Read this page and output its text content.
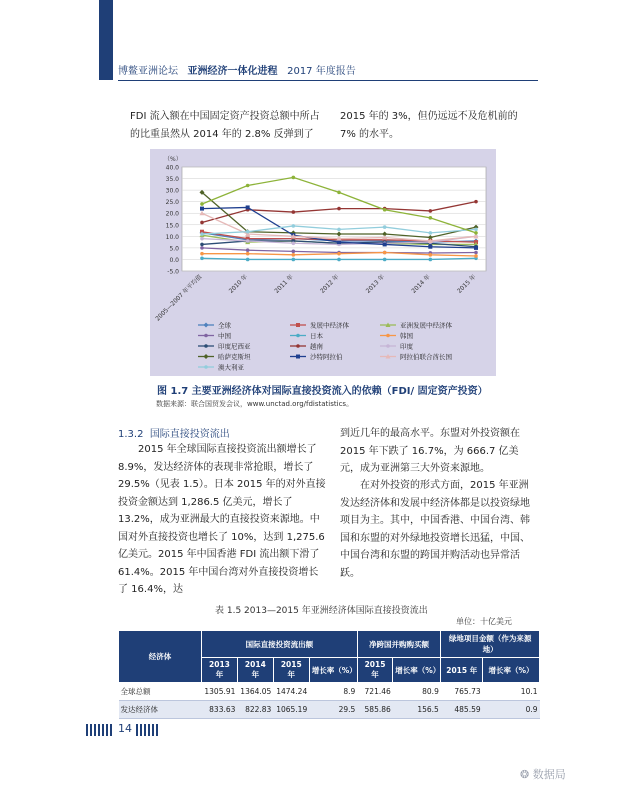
博鳌亚洲论坛 亚洲经济一体化进程 2017 年度报告
FDI 流入额在中国固定资产投资总额中所占的比重虽然从 2014 年的 2.8% 反弹到了
2015 年的 3%，但仍远远不及危机前的 7% 的水平。
40.0
35.0
30.0
25.0
20.0
15.0
10.0
5.0
0.0
-5.0
（%）
2005—2007 年平均值	2010 年	2011 年	2012 年	2013 年	2014 年	2015 年
全球	发展中经济体	亚洲发展中经济体
中国	日本	韩国
印度尼西亚	越南	印度
哈萨克斯坦	沙特阿拉伯	阿拉伯联合酋长国
澳大利亚
图 1.7 主要亚洲经济体对国际直接投资流入的依赖（FDI/ 固定资产投资）
数据来源：联合国贸发会议，www.unctad.org/fdistatistics。
1.3.2 国际直接投资流出
2015 年全球国际直接投资流出额增长了 8.9%，发达经济体的表现非常抢眼，增长了 29.5%（见表 1.5）。日本 2015 年的对外直接投资金额达到 1,286.5 亿美元，增长了 13.2%，成为亚洲最大的直接投资来源地。中国对外直接投资也增长了 10%，达到 1,275.6 亿美元。2015 年中国香港 FDI 流出额下滑了 61.4%。2015 年中国台湾对外直接投资增长了 16.4%，达
到近几年的最高水平。东盟对外投资额在 2015 年下跌了 16.7%，为 666.7 亿美元，成为亚洲第三大外资来源地。
在对外投资的形式方面，2015 年亚洲发达经济体和发展中经济体都是以投资绿地项目为主。其中，中国香港、中国台湾、韩国和东盟的对外绿地投资增长迅猛，中国、中国台湾和东盟的跨国并购活动也异常活跃。
表 1.5 2013—2015 年亚洲经济体国际直接投资流出
单位：十亿美元
经济体	国际直接投资流出额				净跨国并购购买额		绿地项目金额（作为来源地）	
	2013 年	2014 年	2015 年	增长率（%）	2015 年	增长率（%）	2015 年	增长率（%）
全球总额	1305.91	1364.05	1474.24	8.9	721.46	80.9	765.73	10.1
发达经济体	833.63	822.83	1065.19	29.5	585.86	156.5	485.59	0.9
14
❂ 数据局
